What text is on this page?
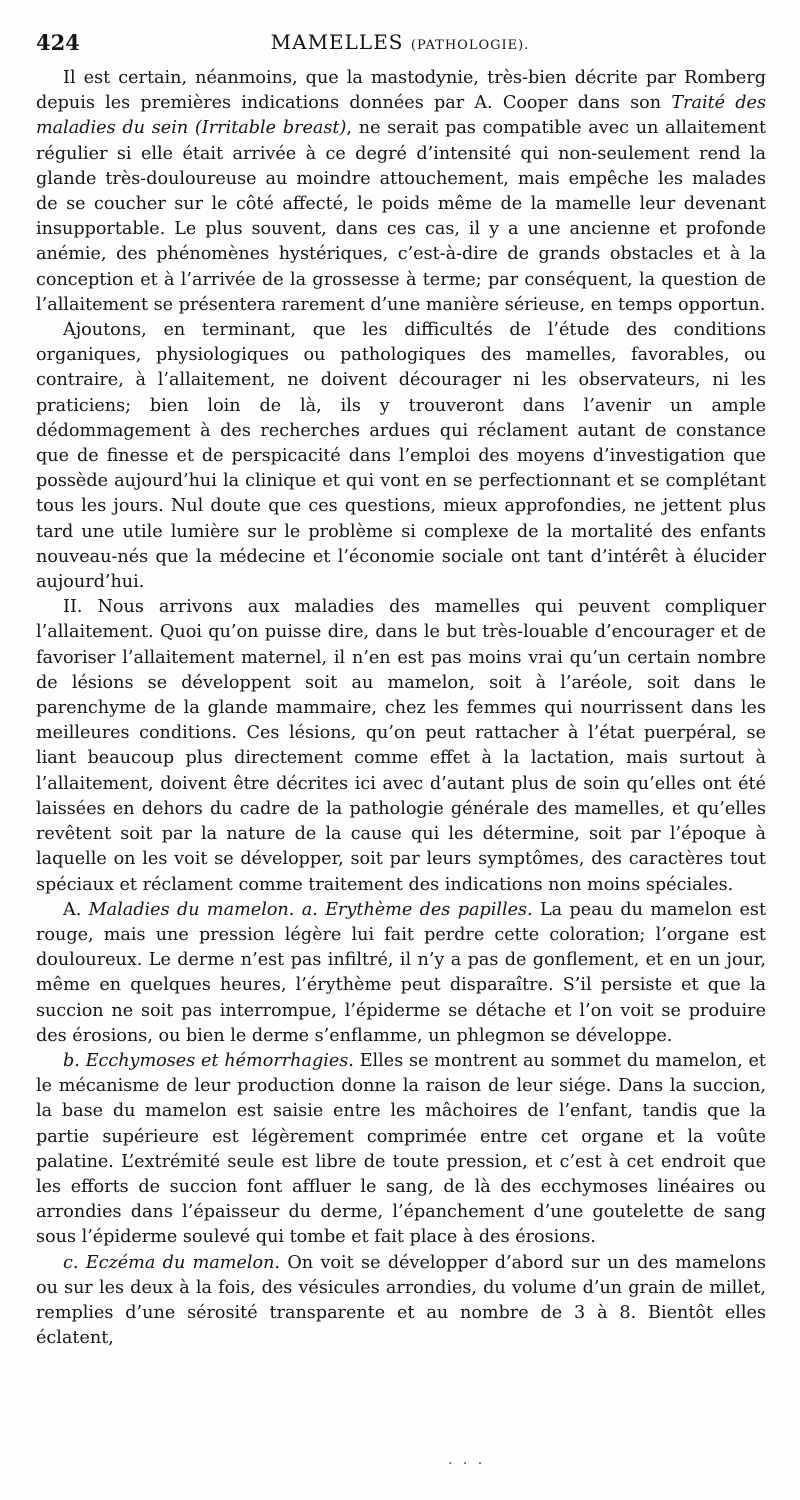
424	MAMELLES (PATHOLOGIE).

Il est certain, néanmoins, que la mastodynie, très-bien décrite par Romberg depuis les premières indications données par A. Cooper dans son Traité des maladies du sein (Irritable breast), ne serait pas compatible avec un allaitement régulier si elle était arrivée à ce degré d’intensité qui non-seulement rend la glande très-douloureuse au moindre attouchement, mais empêche les malades de se coucher sur le côté affecté, le poids même de la mamelle leur devenant insupportable. Le plus souvent, dans ces cas, il y a une ancienne et profonde anémie, des phénomènes hystériques, c’est-à-dire de grands obstacles et à la conception et à l’arrivée de la grossesse à terme; par conséquent, la question de l’allaitement se présentera rarement d’une manière sérieuse, en temps opportun.

Ajoutons, en terminant, que les difficultés de l’étude des conditions organiques, physiologiques ou pathologiques des mamelles, favorables, ou contraire, à l’allaitement, ne doivent décourager ni les observateurs, ni les praticiens; bien loin de là, ils y trouveront dans l’avenir un ample dédommagement à des recherches ardues qui réclament autant de constance que de finesse et de perspicacité dans l’emploi des moyens d’investigation que possède aujourd’hui la clinique et qui vont en se perfectionnant et se complétant tous les jours. Nul doute que ces questions, mieux approfondies, ne jettent plus tard une utile lumière sur le problème si complexe de la mortalité des enfants nouveau-nés que la médecine et l’économie sociale ont tant d’intérêt à élucider aujourd’hui.

II. Nous arrivons aux maladies des mamelles qui peuvent compliquer l’allaitement. Quoi qu’on puisse dire, dans le but très-louable d’encourager et de favoriser l’allaitement maternel, il n’en est pas moins vrai qu’un certain nombre de lésions se développent soit au mamelon, soit à l’aréole, soit dans le parenchyme de la glande mammaire, chez les femmes qui nourrissent dans les meilleures conditions. Ces lésions, qu’on peut rattacher à l’état puerpéral, se liant beaucoup plus directement comme effet à la lactation, mais surtout à l’allaitement, doivent être décrites ici avec d’autant plus de soin qu’elles ont été laissées en dehors du cadre de la pathologie générale des mamelles, et qu’elles revêtent soit par la nature de la cause qui les détermine, soit par l’époque à laquelle on les voit se développer, soit par leurs symptômes, des caractères tout spéciaux et réclament comme traitement des indications non moins spéciales.

A. Maladies du mamelon. a. Erythème des papilles. La peau du mamelon est rouge, mais une pression légère lui fait perdre cette coloration; l’organe est douloureux. Le derme n’est pas infiltré, il n’y a pas de gonflement, et en un jour, même en quelques heures, l’érythème peut disparaître. S’il persiste et que la succion ne soit pas interrompue, l’épiderme se détache et l’on voit se produire des érosions, ou bien le derme s’enflamme, un phlegmon se développe.

b. Ecchymoses et hémorrhagies. Elles se montrent au sommet du mamelon, et le mécanisme de leur production donne la raison de leur siége. Dans la succion, la base du mamelon est saisie entre les mâchoires de l’enfant, tandis que la partie supérieure est légèrement comprimée entre cet organe et la voûte palatine. L’extrémité seule est libre de toute pression, et c’est à cet endroit que les efforts de succion font affluer le sang, de là des ecchymoses linéaires ou arrondies dans l’épaisseur du derme, l’épanchement d’une goutelette de sang sous l’épiderme soulevé qui tombe et fait place à des érosions.

c. Eczéma du mamelon. On voit se développer d’abord sur un des mamelons ou sur les deux à la fois, des vésicules arrondies, du volume d’un grain de millet, remplies d’une sérosité transparente et au nombre de 3 à 8. Bientôt elles éclatent,

. . .
